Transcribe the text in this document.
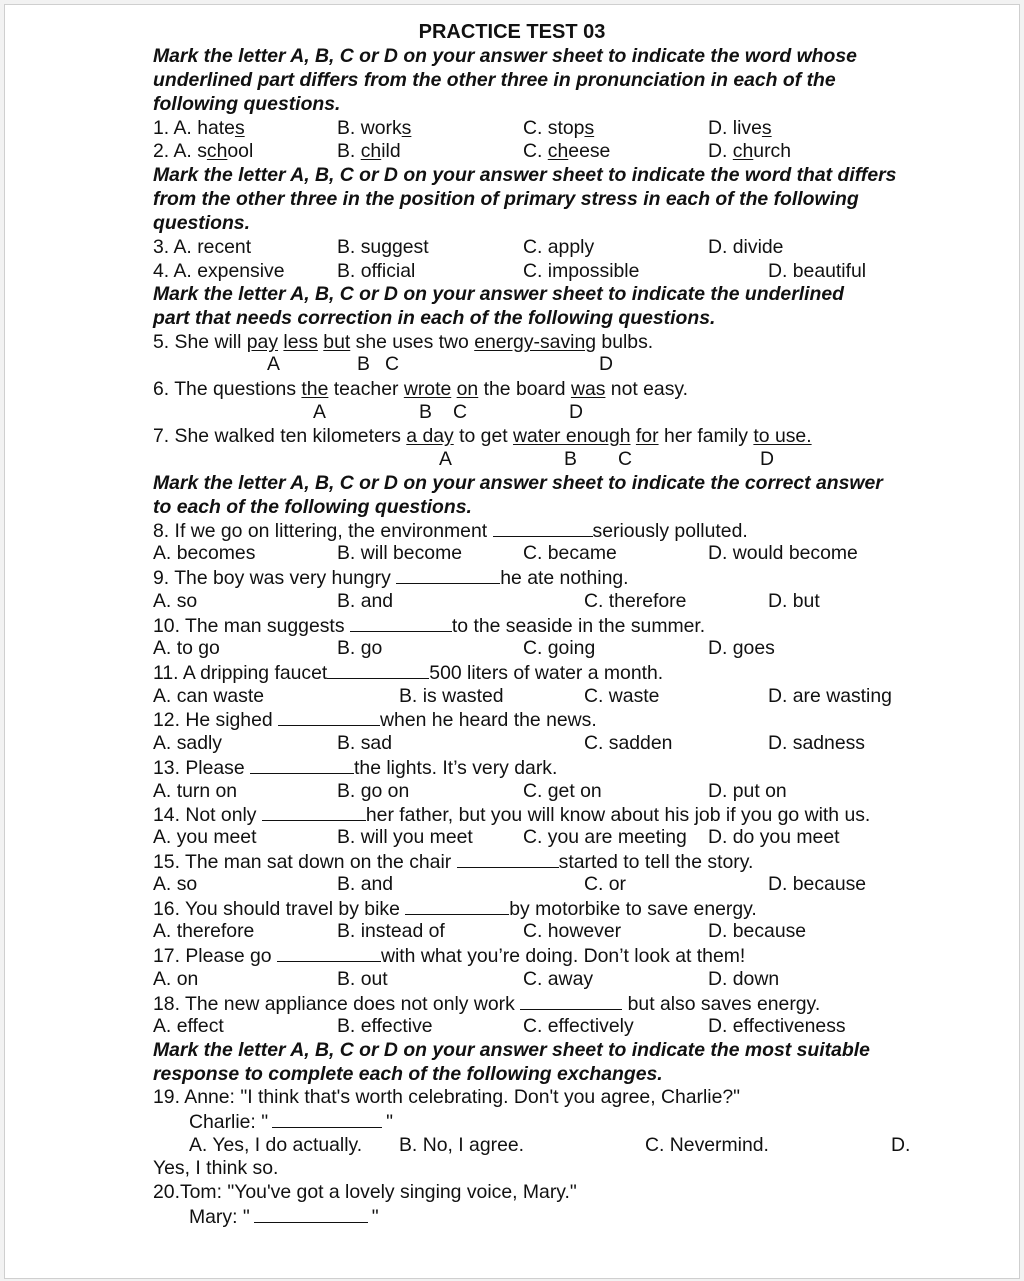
PRACTICE TEST 03
Mark the letter A, B, C or D on your answer sheet to indicate the word whose
underlined part differs from the other three in pronunciation in each of the
following questions.
1. A. hates	B. works	C. stops	D. lives
2. A. school	B. child	C. cheese	D. church
Mark the letter A, B, C or D on your answer sheet to indicate the word that differs
from the other three in the position of primary stress in each of the following
questions.
3. A. recent	B. suggest	C. apply	D. divide
4. A. expensive	B. official	C. impossible	D. beautiful
Mark the letter A, B, C or D on your answer sheet to indicate the underlined
part that needs correction in each of the following questions.
5. She will pay less but she uses two energy-saving bulbs.
A	B C	D
6. The questions the teacher wrote on the board was not easy.
A	B C	D
7. She walked ten kilometers a day to get water enough for her family to use.
A	B C	D
Mark the letter A, B, C or D on your answer sheet to indicate the correct answer
to each of the following questions.
8. If we go on littering, the environment	seriously polluted.
A. becomes	B. will become	C. became	D. would become
9. The boy was very hungry	he ate nothing.
A. so	B. and	C. therefore	D. but
10. The man suggests	to the seaside in the summer.
A. to go	B. go	C. going	D. goes
11. A dripping faucet	500 liters of water a month.
A. can waste	B. is wasted	C. waste	D. are wasting
12. He sighed	when he heard the news.
A. sadly	B. sad	C. sadden	D. sadness
13. Please	the lights. It’s very dark.
A. turn on	B. go on	C. get on	D. put on
14. Not only	her father, but you will know about his job if you go with us.
A. you meet	B. will you meet	C. you are meeting D. do you meet
15. The man sat down on the chair	started to tell the story.
A. so	B. and	C. or	D. because
16. You should travel by bike	by motorbike to save energy.
A. therefore	B. instead of	C. however	D. because
17. Please go	with what you’re doing. Don’t look at them!
A. on	B. out	C. away	D. down
18. The new appliance does not only work	but also saves energy.
A. effect	B. effective	C. effectively	D. effectiveness
Mark the letter A, B, C or D on your answer sheet to indicate the most suitable
response to complete each of the following exchanges.
19. Anne: "I think that's worth celebrating. Don't you agree, Charlie?"
Charlie: "	"
A. Yes, I do actually. B. No, I agree.	C. Nevermind.	D.
Yes, I think so.
20.Tom: "You've got a lovely singing voice, Mary."
Mary: "	"
